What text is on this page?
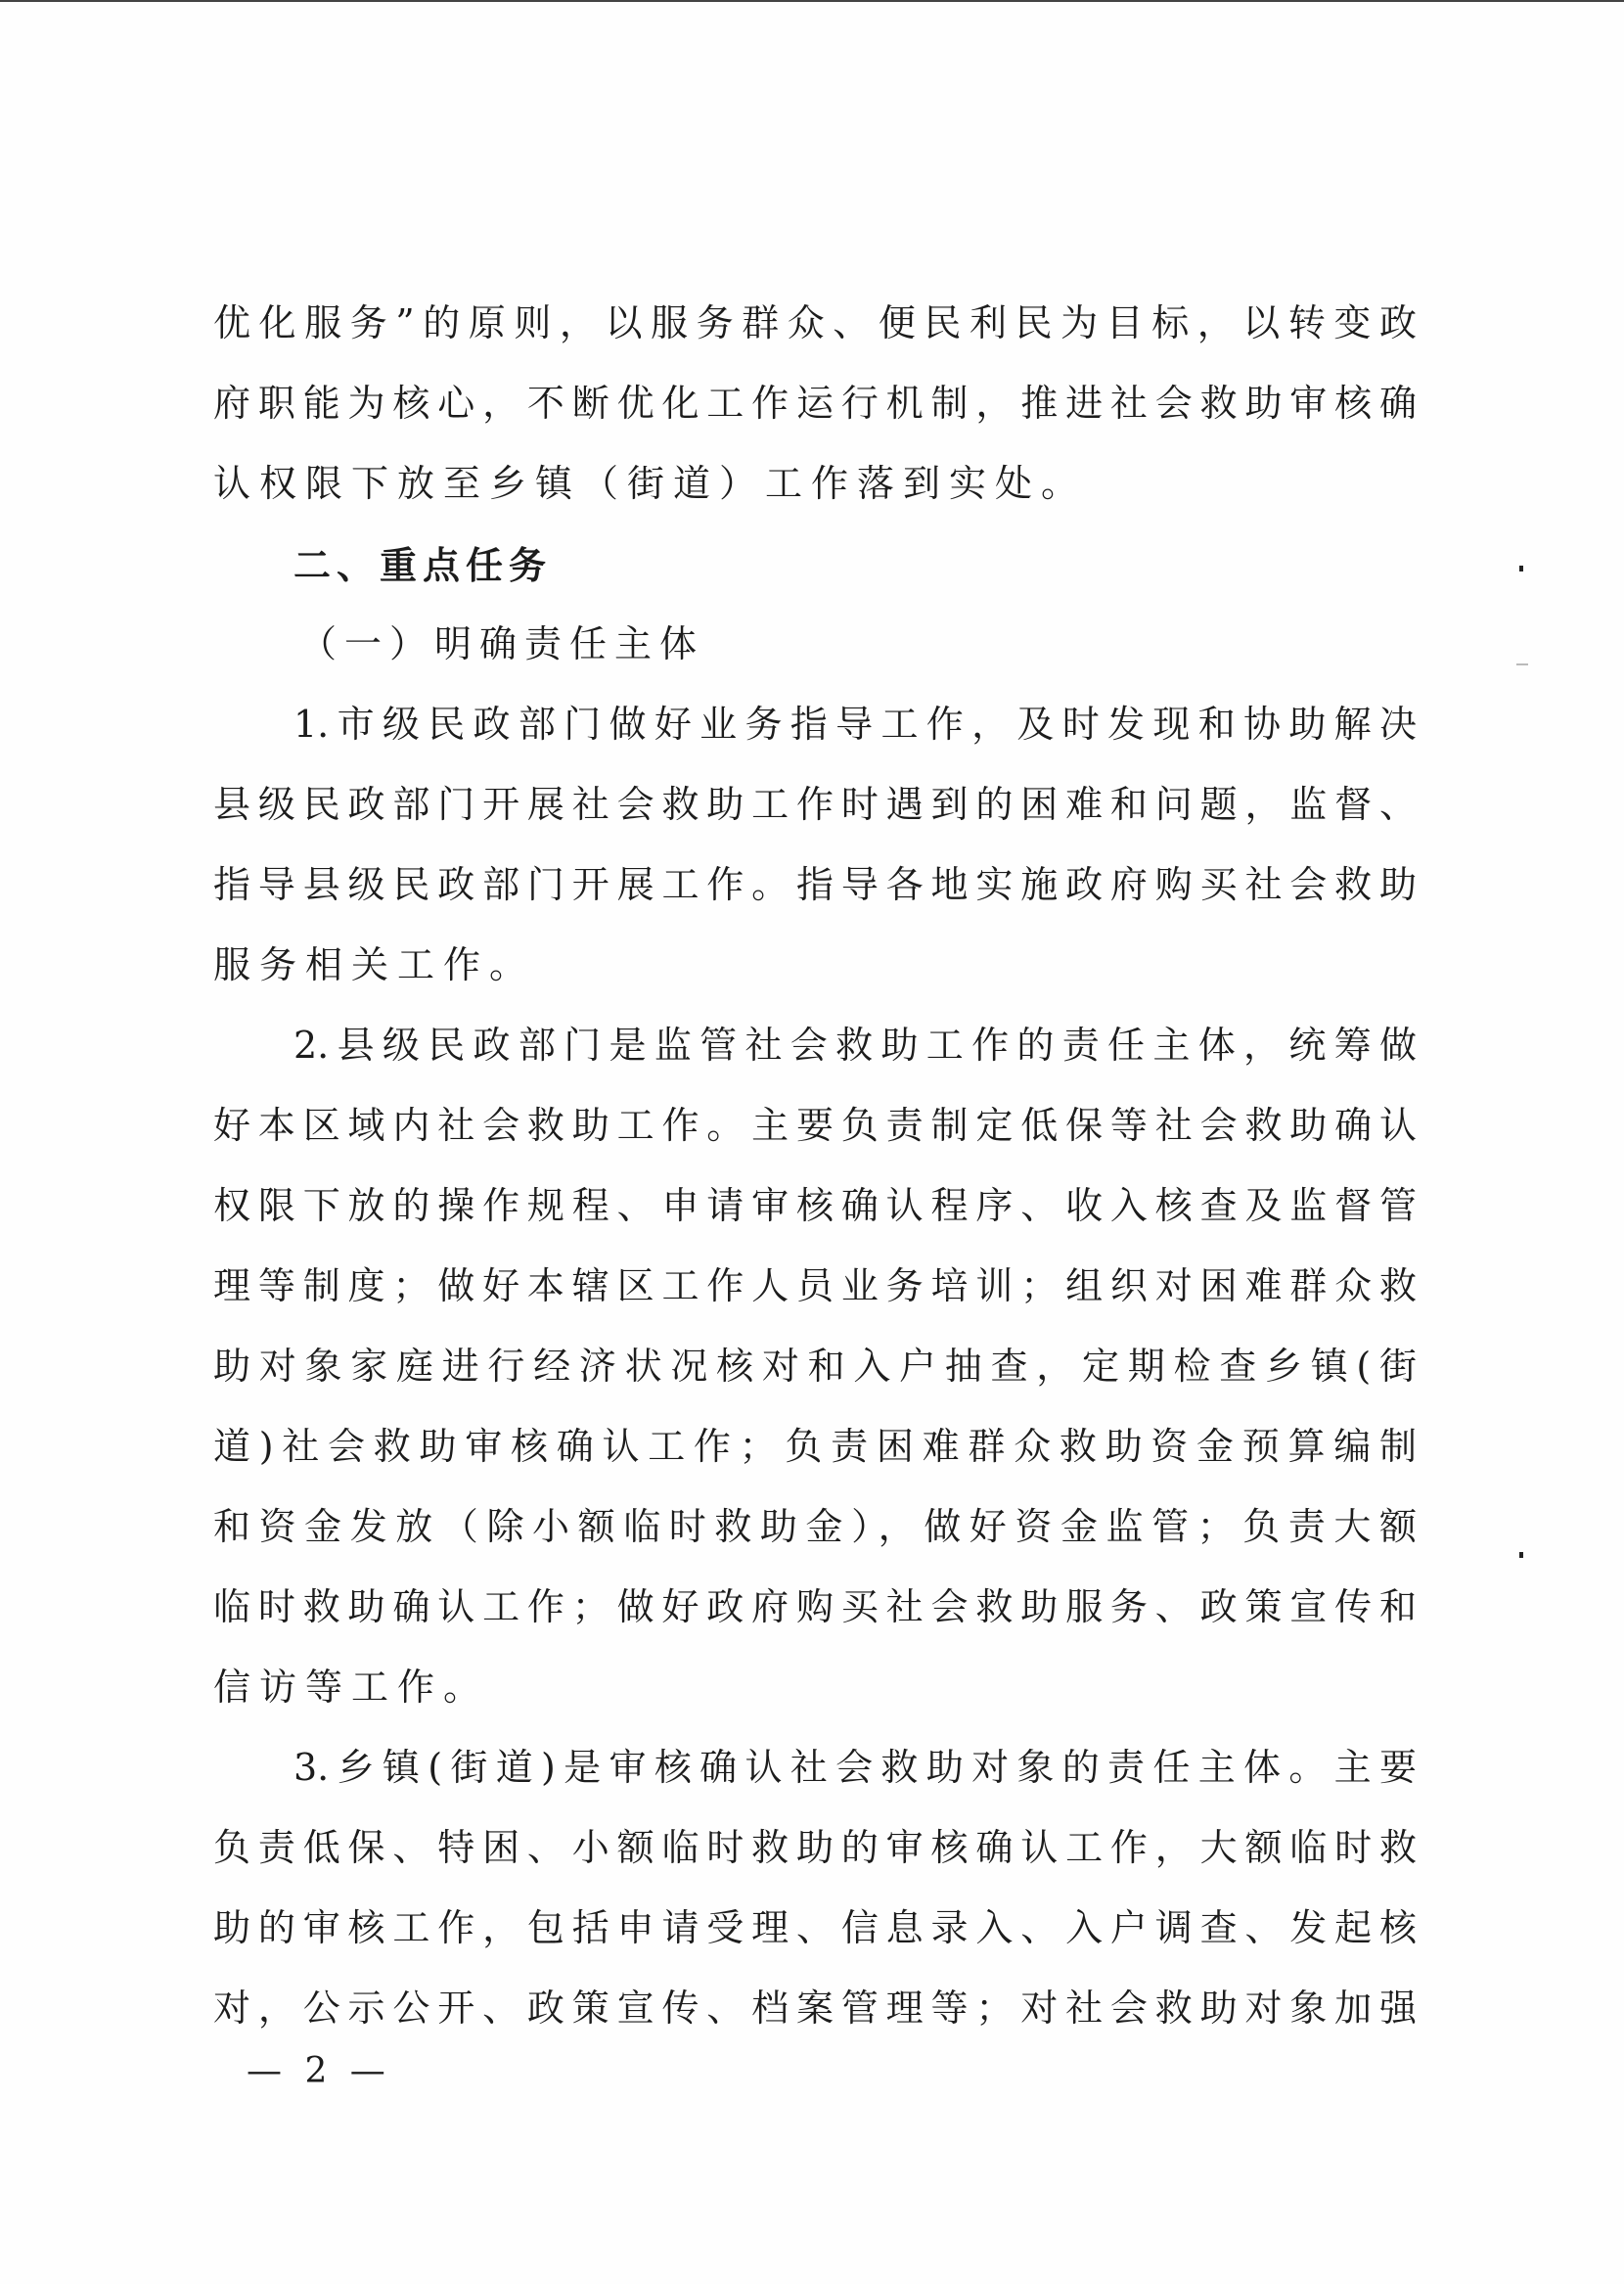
优化服务”的原则，以服务群众、便民利民为目标，以转变政
府职能为核心，不断优化工作运行机制，推进社会救助审核确
认权限下放至乡镇（街道）工作落到实处。
二、重点任务
（一）明确责任主体
1.市级民政部门做好业务指导工作，及时发现和协助解决
县级民政部门开展社会救助工作时遇到的困难和问题，监督、
指导县级民政部门开展工作。指导各地实施政府购买社会救助
服务相关工作。
2.县级民政部门是监管社会救助工作的责任主体，统筹做
好本区域内社会救助工作。主要负责制定低保等社会救助确认
权限下放的操作规程、申请审核确认程序、收入核查及监督管
理等制度；做好本辖区工作人员业务培训；组织对困难群众救
助对象家庭进行经济状况核对和入户抽查，定期检查乡镇(街
道)社会救助审核确认工作；负责困难群众救助资金预算编制
和资金发放（除小额临时救助金），做好资金监管；负责大额
临时救助确认工作；做好政府购买社会救助服务、政策宣传和
信访等工作。
3.乡镇(街道)是审核确认社会救助对象的责任主体。主要
负责低保、特困、小额临时救助的审核确认工作，大额临时救
助的审核工作，包括申请受理、信息录入、入户调查、发起核
对，公示公开、政策宣传、档案管理等；对社会救助对象加强
— 2 —
